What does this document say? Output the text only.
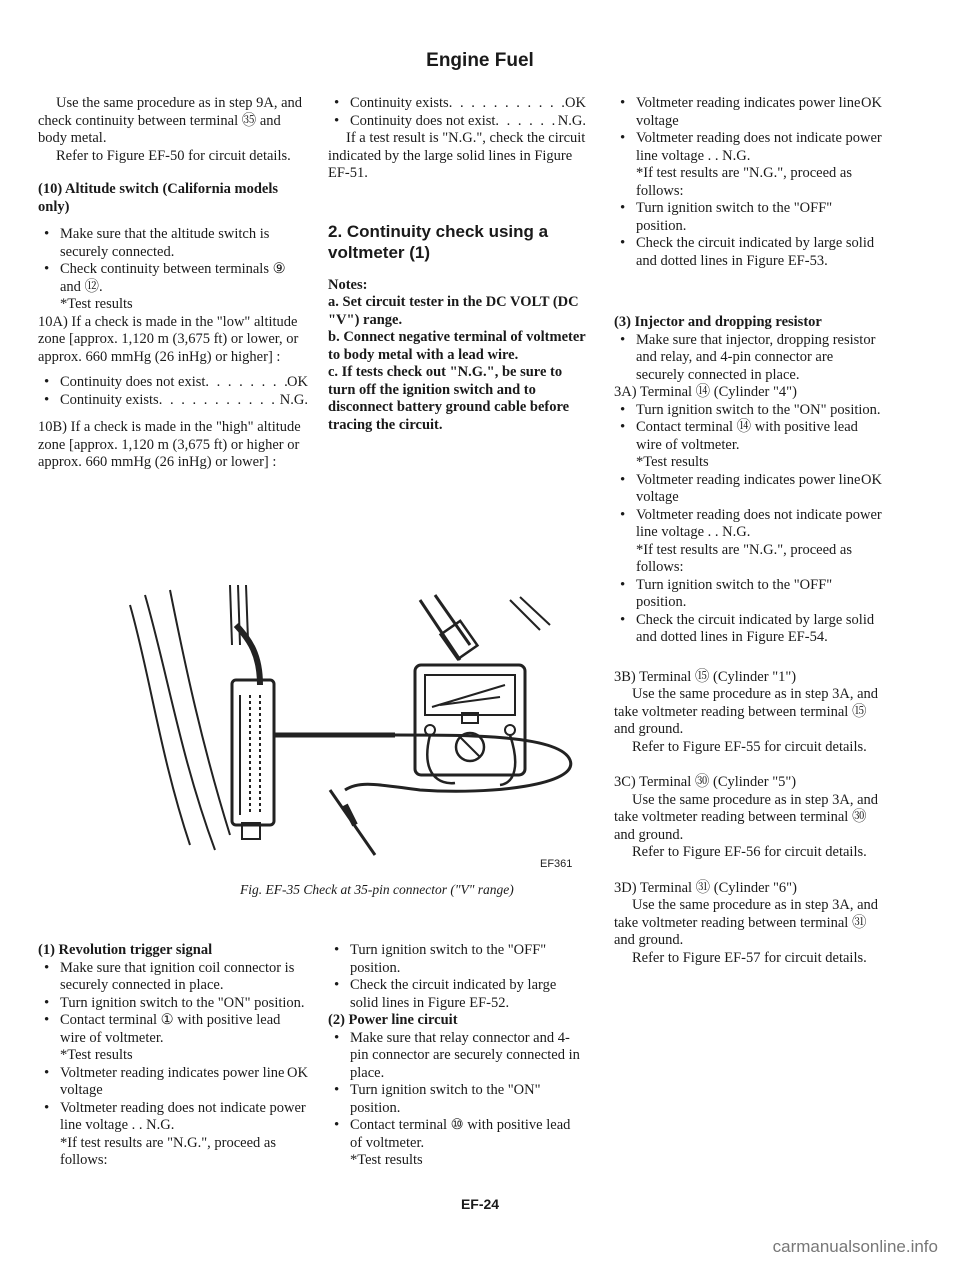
Engine Fuel

Use the same procedure as in step 9A, and check continuity between terminal ㉟ and body metal.

Refer to Figure EF-50 for circuit details.

(10) Altitude switch (California models only)

• Make sure that the altitude switch is securely connected.

• Check continuity between terminals ⑨ and ⑫.

*Test results

10A) If a check is made in the "low" altitude zone [approx. 1,120 m (3,675 ft) or lower, or approx. 660 mmHg (26 inHg) or higher] :

• Continuity does not exist . . .	OK

• Continuity exists . . .	N.G.

10B) If a check is made in the "high" altitude zone [approx. 1,120 m (3,675 ft) or higher or approx. 660 mmHg (26 inHg) or lower] :

• Continuity exists . . .	OK

• Continuity does not exist . . .	N.G.

If a test result is "N.G.", check the circuit indicated by the large solid lines in Figure EF-51.

2. Continuity check using a voltmeter (1)

Notes:

a. Set circuit tester in the DC VOLT (DC "V") range.

b. Connect negative terminal of voltmeter to body metal with a lead wire.

c. If tests check out "N.G.", be sure to turn off the ignition switch and to disconnect battery ground cable before tracing the circuit.

• Voltmeter reading indicates power line voltage
OK

• Voltmeter reading does not indicate power line voltage . . N.G.

*If test results are "N.G.", proceed as follows:

• Turn ignition switch to the "OFF" position.

• Check the circuit indicated by large solid and dotted lines in Figure EF-53.

(3) Injector and dropping resistor

• Make sure that injector, dropping resistor and relay, and 4-pin connector are securely connected in place.

3A) Terminal ⑭ (Cylinder "4")

• Turn ignition switch to the "ON" position.

• Contact terminal ⑭ with positive lead wire of voltmeter.

*Test results

• Voltmeter reading indicates power line voltage
OK

• Voltmeter reading does not indicate power line voltage . . N.G.

*If test results are "N.G.", proceed as follows:

• Turn ignition switch to the "OFF" position.

• Check the circuit indicated by large solid and dotted lines in Figure EF-54.

3B) Terminal ⑮ (Cylinder "1")

Use the same procedure as in step 3A, and take voltmeter reading between terminal ⑮ and ground.

Refer to Figure EF-55 for circuit details.

3C) Terminal ㉚ (Cylinder "5")

Use the same procedure as in step 3A, and take voltmeter reading between terminal ㉚ and ground.

Refer to Figure EF-56 for circuit details.

3D) Terminal ㉛ (Cylinder "6")

Use the same procedure as in step 3A, and take voltmeter reading between terminal ㉛ and ground.

Refer to Figure EF-57 for circuit details.

EF361
Fig. EF-35 Check at 35-pin connector ("V" range)

(1) Revolution trigger signal

• Make sure that ignition coil connector is securely connected in place.

• Turn ignition switch to the "ON" position.

• Contact terminal ① with positive lead wire of voltmeter.

*Test results

• Voltmeter reading indicates power line voltage
OK

• Voltmeter reading does not indicate power line voltage . . N.G.

*If test results are "N.G.", proceed as follows:

• Turn ignition switch to the "OFF" position.

• Check the circuit indicated by large solid lines in Figure EF-52.

(2) Power line circuit

• Make sure that relay connector and 4-pin connector are securely connected in place.

• Turn ignition switch to the "ON" position.

• Contact terminal ⑩ with positive lead of voltmeter.

*Test results

EF-24
carmanualsonline.info
